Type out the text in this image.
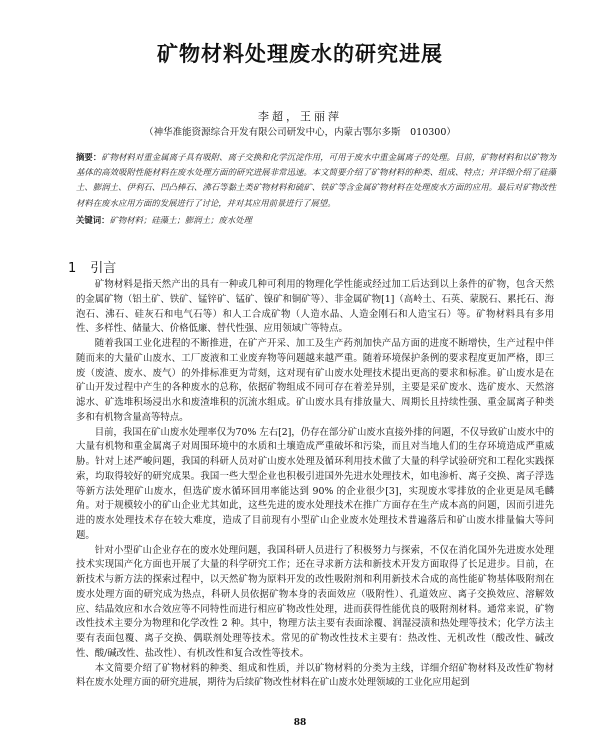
矿物材料处理废水的研究进展
李超，王丽萍
（神华准能资源综合开发有限公司研发中心，内蒙古鄂尔多斯　010300）
摘要：矿物材料对重金属离子具有吸附、离子交换和化学沉淀作用，可用于废水中重金属离子的处理。目前，矿物材料和以矿物为基体的高效吸附性能材料在废水处理方面的研究进展非常迅速。本文简要介绍了矿物材料的种类、组成、特点；并详细介绍了硅藻土、膨润土、伊利石、凹凸棒石、沸石等黏土类矿物材料和硫矿、铁矿等含金属矿物材料在处理废水方面的应用。最后对矿物改性材料在废水应用方面的发展进行了讨论，并对其应用前景进行了展望。
关键词：矿物材料；硅藻土；膨润土；废水处理
1 引言

矿物材料是指天然产出的具有一种或几种可利用的物理化学性能或经过加工后达到以上条件的矿物，包含天然的金属矿物（铝土矿、铁矿、锰锌矿、锰矿、镍矿和铜矿等）、非金属矿物[1]（高岭土、石英、蒙脱石、累托石、海泡石、沸石、硅灰石和电气石等）和人工合成矿物（人造水晶、人造金刚石和人造宝石）等。矿物材料具有多用性、多样性、储量大、价格低廉、替代性强、应用领域广等特点。

随着我国工业化进程的不断推进，在矿产开采、加工及生产药剂加快产品方面的进度不断增快，生产过程中伴随而来的大量矿山废水、工厂废液和工业废弃物等问题越来越严重。随着环境保护条例的要求程度更加严格，即三废（废渣、废水、废气）的外排标准更为苛刻，这对现有矿山废水处理技术提出更高的要求和标准。矿山废水是在矿山开发过程中产生的各种废水的总称，依据矿物组成不同可存在着差异别，主要是采矿废水、选矿废水、天然溶滤水、矿选堆积场浸出水和废渣堆积的沉流水组成。矿山废水具有排放量大、周期长且持续性强、重金属离子种类多和有机物含量高等特点。

目前，我国在矿山废水处理率仅为70% 左右[2]，仍存在部分矿山废水直接外排的问题，不仅导致矿山废水中的大量有机物和重金属离子对周围环境中的水质和土壤造成严重破坏和污染，而且对当地人们的生存环境造成严重威胁。针对上述严峻问题，我国的科研人员对矿山废水处理及循环利用技术做了大量的科学试验研究和工程化实践探索，均取得较好的研究成果。我国一些大型企业也积极引进国外先进水处理技术，如电渗析、离子交换、离子浮选等新方法处理矿山废水，但选矿废水循环回用率能达到 90% 的企业很少[3]，实现废水零排放的企业更是凤毛麟角。对于规模较小的矿山企业尤其如此，这些先进的废水处理技术在推广方面存在生产成本高的问题，因而引进先进的废水处理技术存在较大难度，造成了目前现有小型矿山企业废水处理技术普遍落后和矿山废水排量偏大等问题。

针对小型矿山企业存在的废水处理问题，我国科研人员进行了积极努力与探索，不仅在消化国外先进废水处理技术实现国产化方面也开展了大量的科学研究工作；还在寻求新方法和新技术开发方面取得了长足进步。目前，在新技术与新方法的探索过程中，以天然矿物为原料开发的改性吸附剂和利用新技术合成的高性能矿物基体吸附剂在废水处理方面的研究成为热点，科研人员依据矿物本身的表面效应（吸附性）、孔道效应、离子交换效应、溶解效应、结晶效应和水合效应等不同特性而进行相应矿物改性处理，进而获得性能优良的吸附剂材料。通常来说，矿物改性技术主要分为物理和化学改性 2 种。其中，物理方法主要有表面涂覆、润湿浸渍和热处理等技术；化学方法主要有表面包覆、离子交换、偶联剂处理等技术。常见的矿物改性技术主要有：热改性、无机改性（酸改性、碱改性、酸/碱改性、盐改性）、有机改性和复合改性等技术。

本文简要介绍了矿物材料的种类、组成和性质，并以矿物材料的分类为主线，详细介绍矿物材料及改性矿物材料在废水处理方面的研究进展，期待为后续矿物改性材料在矿山废水处理领域的工业化应用起到

88
